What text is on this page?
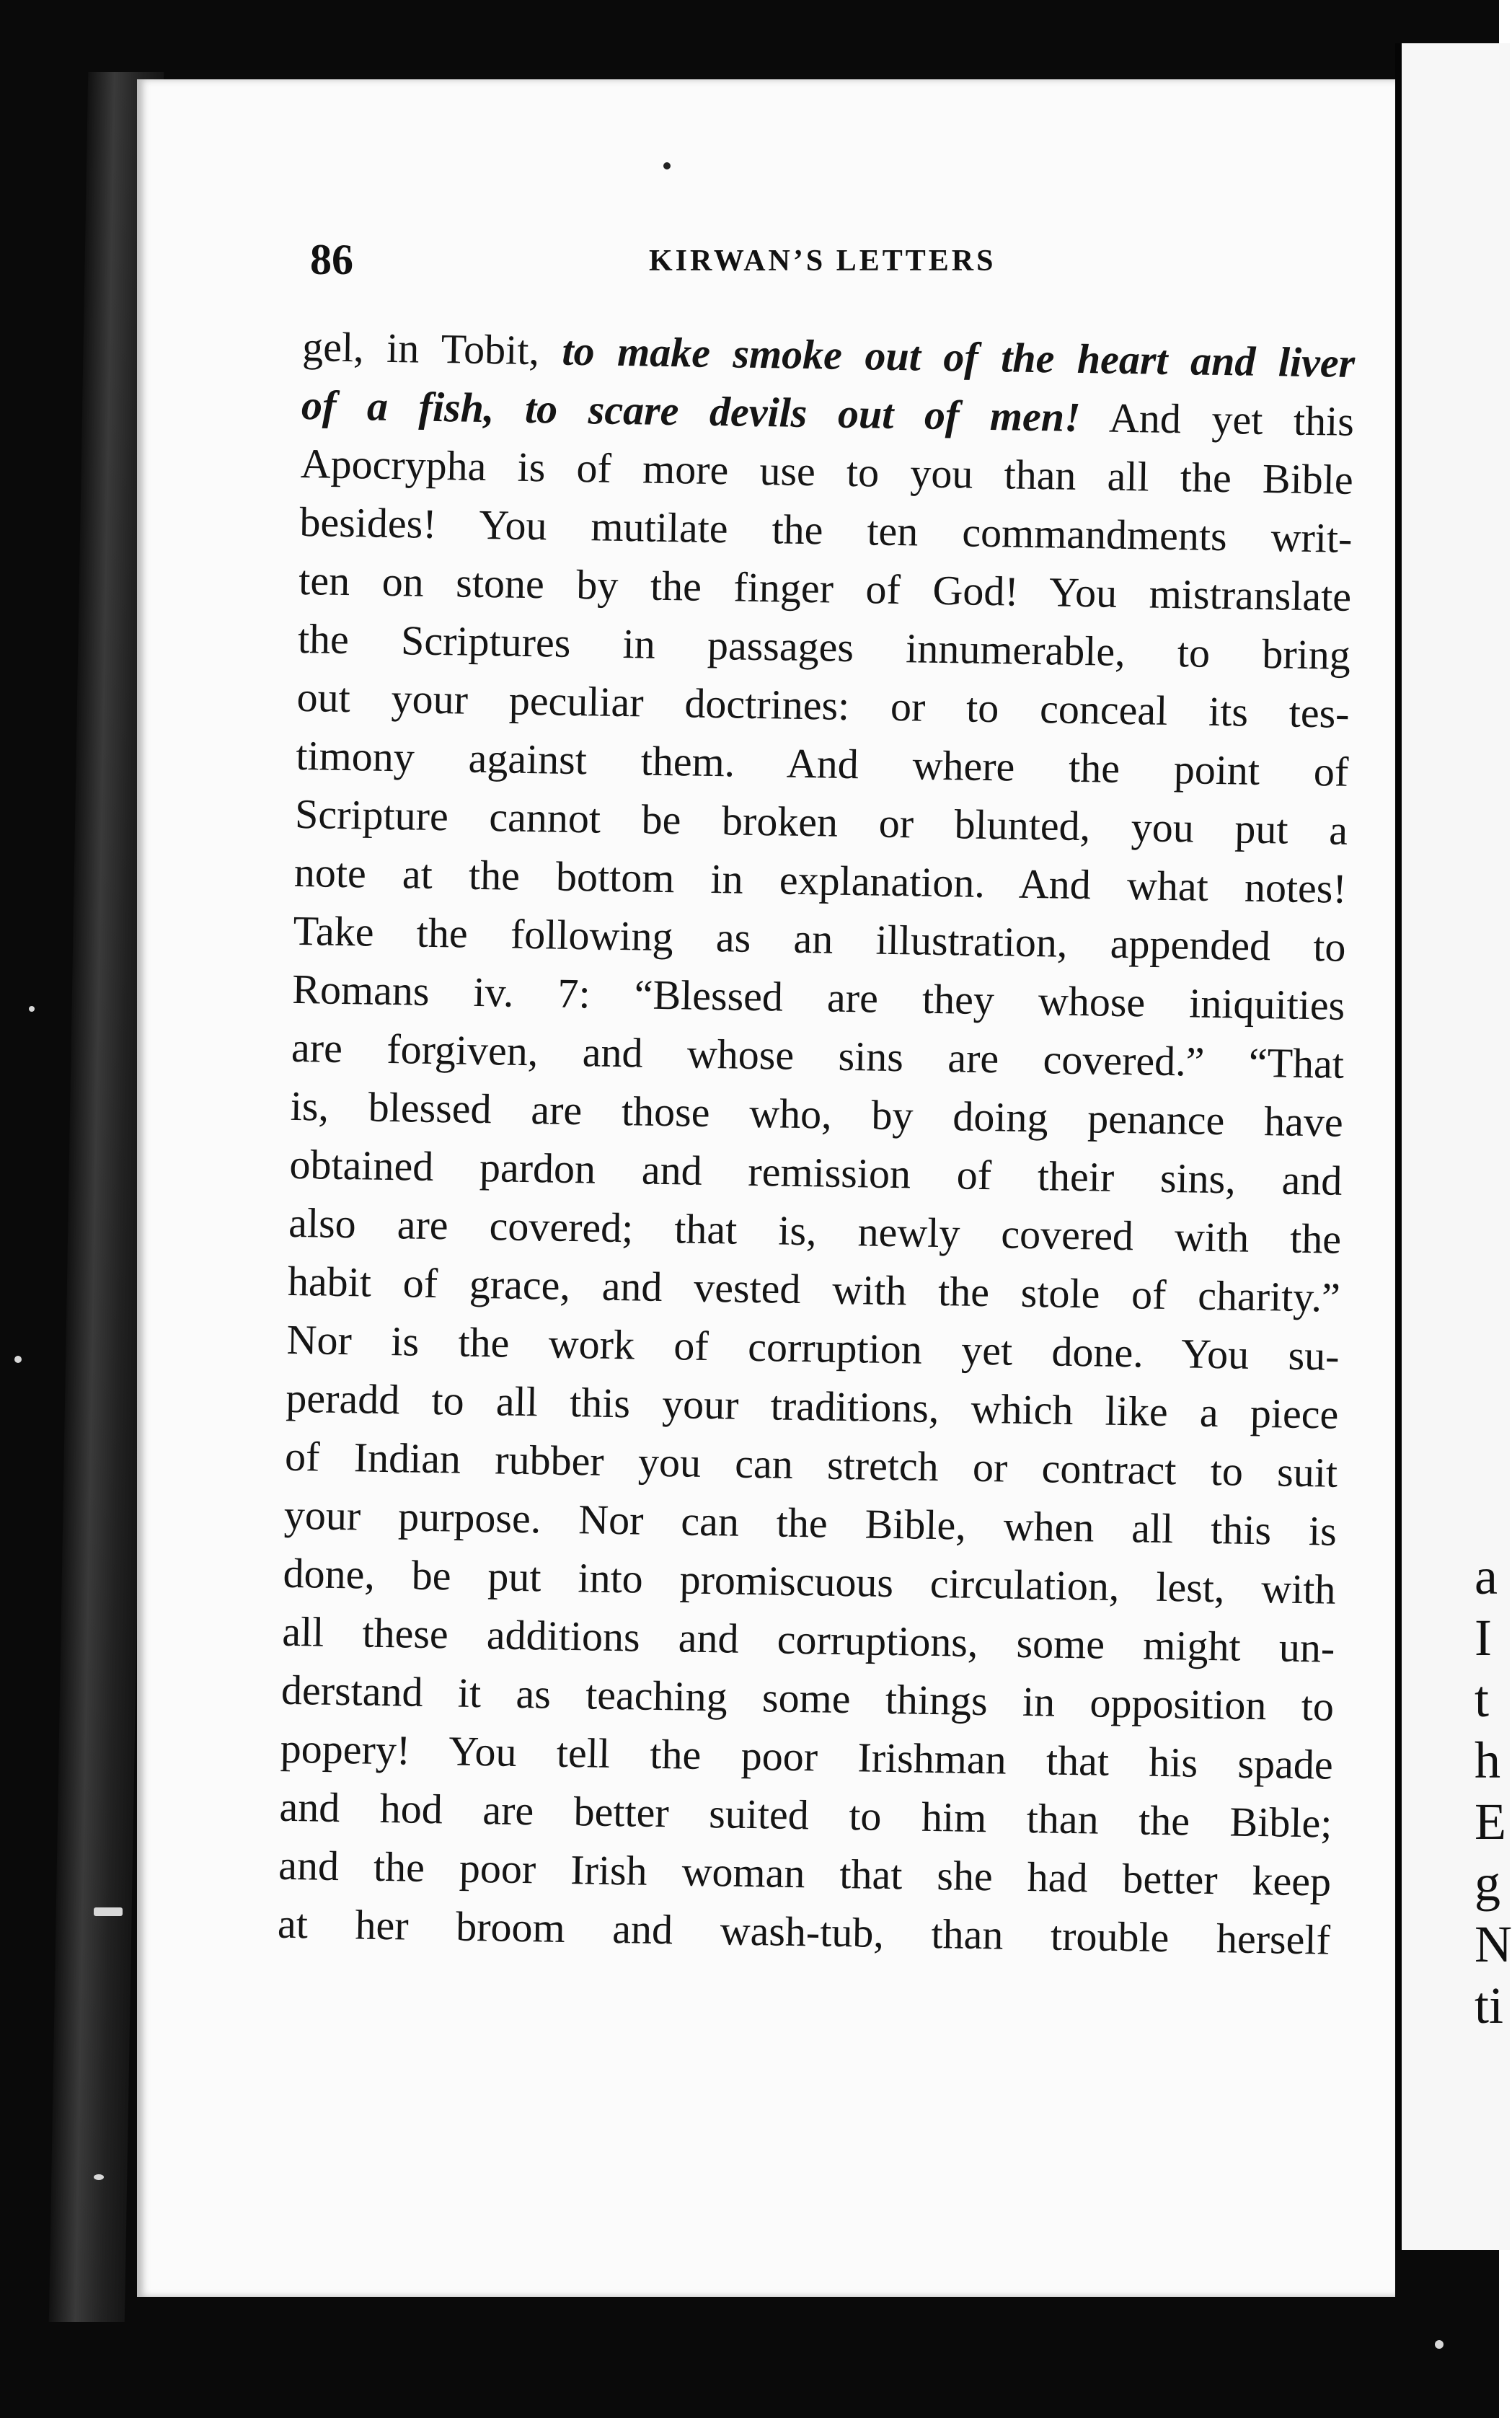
86	KIRWAN’S LETTERS
gel, in Tobit, to make smoke out of the heart and liver
of a fish, to scare devils out of men! And yet this
Apocrypha is of more use to you than all the Bible
besides! You mutilate the ten commandments writ-
ten on stone by the finger of God! You mistranslate
the Scriptures in passages innumerable, to bring
out your peculiar doctrines: or to conceal its tes-
timony against them. And where the point of
Scripture cannot be broken or blunted, you put a
note at the bottom in explanation. And what notes!
Take the following as an illustration, appended to
Romans iv. 7: “Blessed are they whose iniquities
are forgiven, and whose sins are covered.” “That
is, blessed are those who, by doing penance have
obtained pardon and remission of their sins, and
also are covered; that is, newly covered with the
habit of grace, and vested with the stole of charity.”
Nor is the work of corruption yet done. You su-
peradd to all this your traditions, which like a piece
of Indian rubber you can stretch or contract to suit
your purpose. Nor can the Bible, when all this is
done, be put into promiscuous circulation, lest, with
all these additions and corruptions, some might un-
derstand it as teaching some things in opposition to
popery! You tell the poor Irishman that his spade
and hod are better suited to him than the Bible;
and the poor Irish woman that she had better keep
at her broom and wash-tub, than trouble herself
a
I
t
h
E
g
N
ti
